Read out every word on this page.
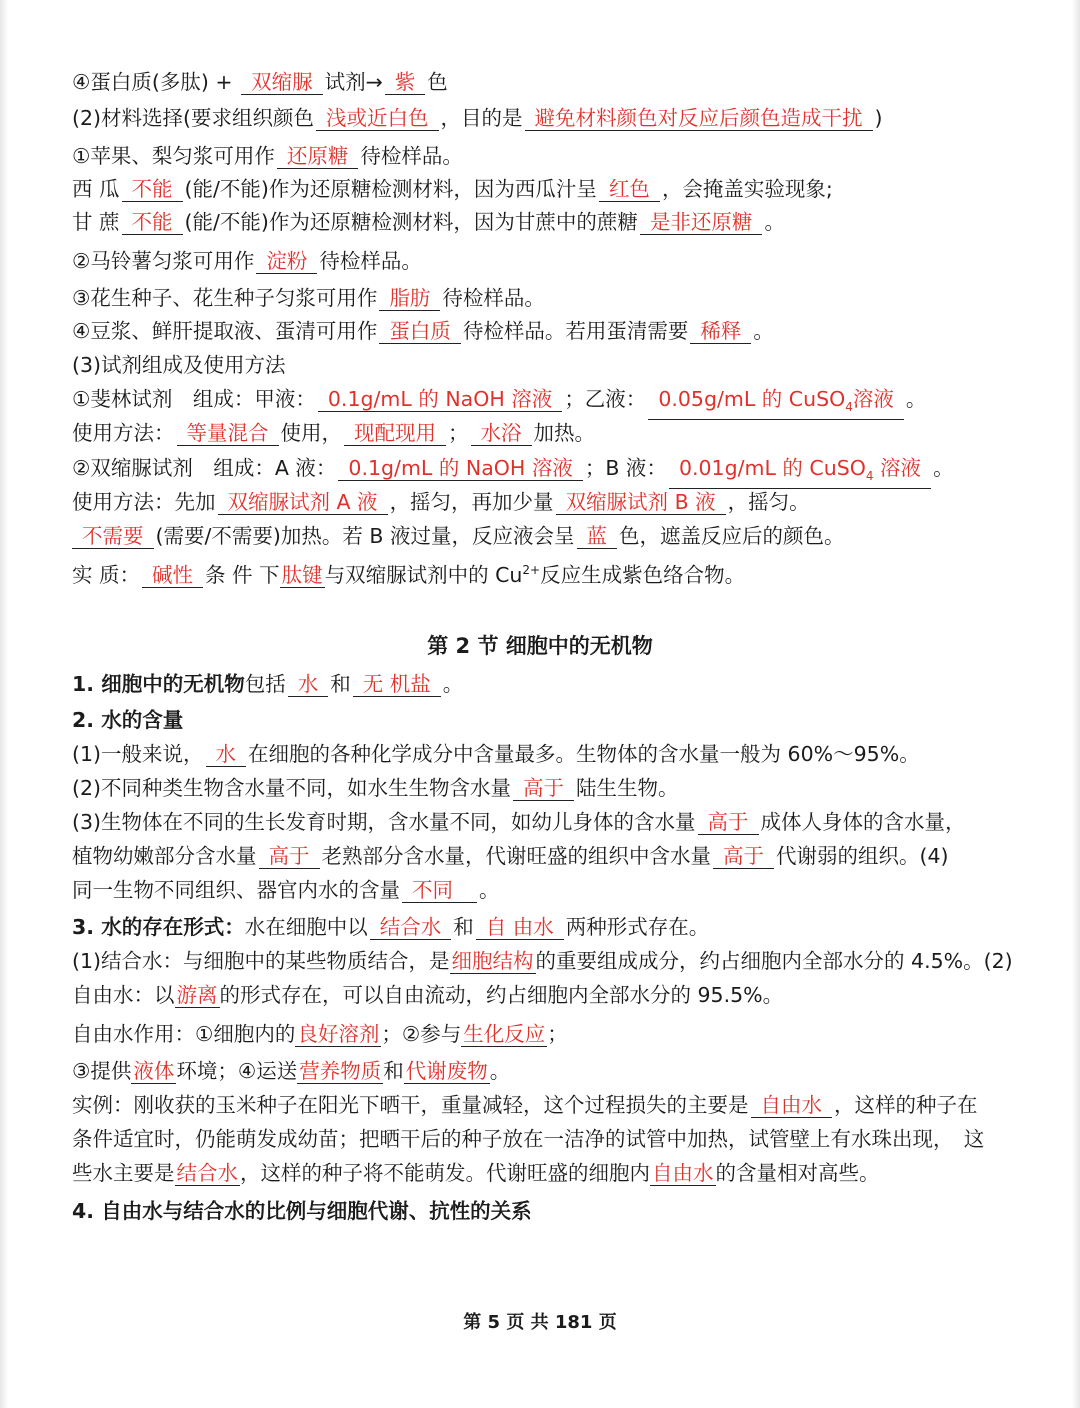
④蛋白质(多肽) + 双缩脲 试剂→ 紫 色
(2)材料选择(要求组织颜色 浅或近白色 ，目的是 避免材料颜色对反应后颜色造成干扰 )
①苹果、梨匀浆可用作 还原糖 待检样品。
西 瓜 不能 (能/不能)作为还原糖检测材料，因为西瓜汁呈 红色 ，会掩盖实验现象;
甘 蔗 不能 (能/不能)作为还原糖检测材料，因为甘蔗中的蔗糖 是非还原糖 。
②马铃薯匀浆可用作 淀粉 待检样品。
③花生种子、花生种子匀浆可用作 脂肪 待检样品。
④豆浆、鲜肝提取液、蛋清可用作 蛋白质 待检样品。若用蛋清需要 稀释 。
(3)试剂组成及使用方法
①斐林试剂　组成：甲液： 0.1g/mL 的 NaOH 溶液 ；乙液： 0.05g/mL 的 CuSO$_4$溶液 。
使用方法： 等量混合 使用， 现配现用 ； 水浴 加热。
②双缩脲试剂　组成：A 液： 0.1g/mL 的 NaOH 溶液 ；B 液： 0.01g/mL 的 CuSO$_4$ 溶液 。
使用方法：先加 双缩脲试剂 A 液 ，摇匀，再加少量 双缩脲试剂 B 液 ，摇匀。
不需要 (需要/不需要)加热。若 B 液过量，反应液会呈 蓝 色，遮盖反应后的颜色。
实 质： 碱性 条 件 下肽键与双缩脲试剂中的 $Cu^{2+}$反应生成紫色络合物。
第 2 节 细胞中的无机物
1. 细胞中的无机物包括 水 和 无 机盐 。
2. 水的含量
(1)一般来说， 水 在细胞的各种化学成分中含量最多。生物体的含水量一般为 60%～95%。
(2)不同种类生物含水量不同，如水生生物含水量 高于 陆生生物。
(3)生物体在不同的生长发育时期，含水量不同，如幼儿身体的含水量 高于 成体人身体的含水量，
植物幼嫩部分含水量 高于 老熟部分含水量，代谢旺盛的组织中含水量 高于 代谢弱的组织。(4)
同一生物不同组织、器官内水的含量 不同 。
3. 水的存在形式：水在细胞中以 结合水 和 自 由水 两种形式存在。
(1)结合水：与细胞中的某些物质结合，是细胞结构的重要组成成分，约占细胞内全部水分的 4.5%。(2)
自由水：以游离的形式存在，可以自由流动，约占细胞内全部水分的 95.5%。
自由水作用：①细胞内的良好溶剂；②参与生化反应；
③提供液体环境；④运送营养物质和代谢废物。
实例：刚收获的玉米种子在阳光下晒干，重量减轻，这个过程损失的主要是 自由水 ，这样的种子在
条件适宜时，仍能萌发成幼苗；把晒干后的种子放在一洁净的试管中加热，试管壁上有水珠出现，　这
些水主要是结合水，这样的种子将不能萌发。代谢旺盛的细胞内自由水的含量相对高些。
4. 自由水与结合水的比例与细胞代谢、抗性的关系
第 5 页 共 181 页
